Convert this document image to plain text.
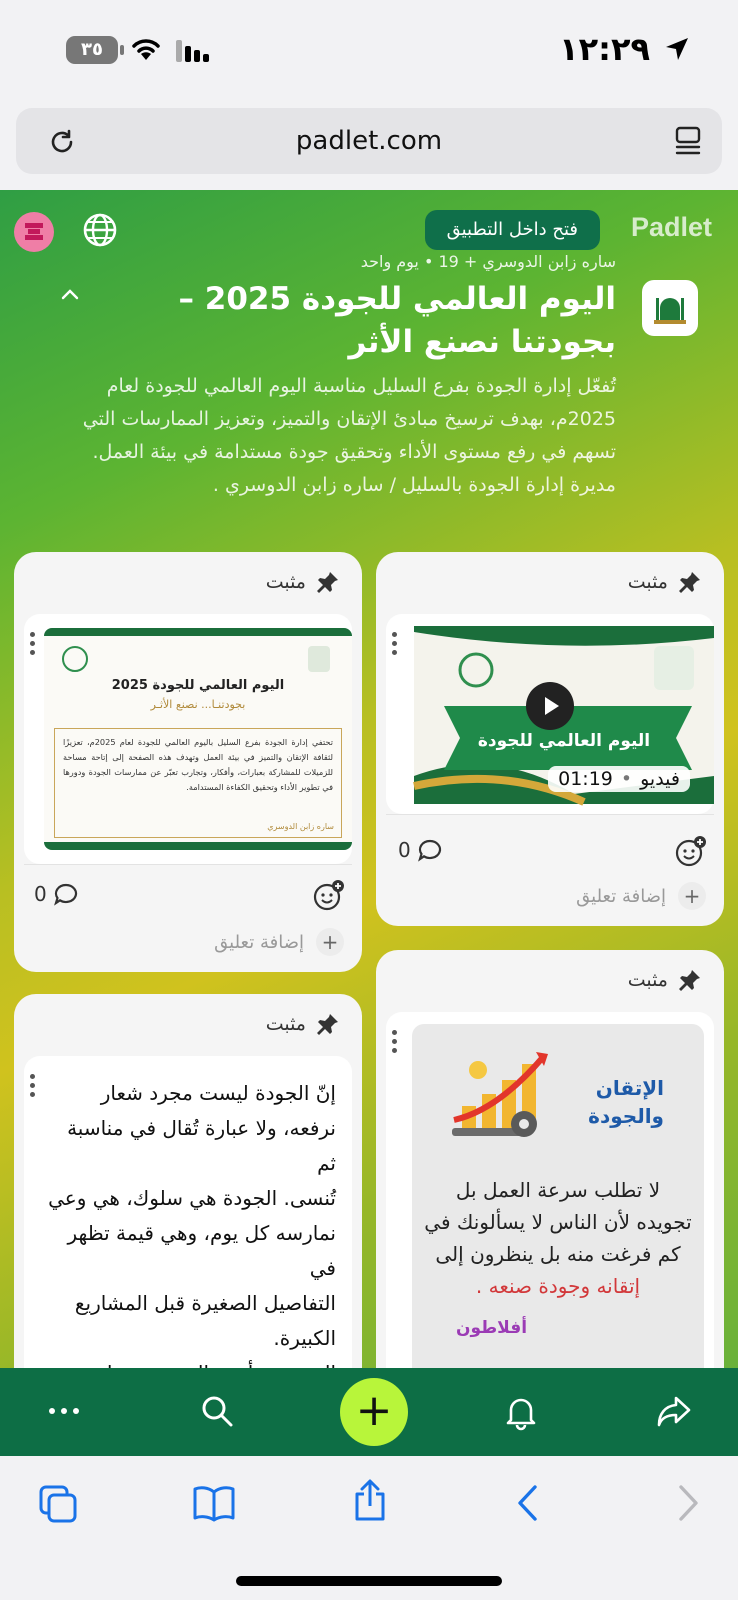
٣٥	١٢:٢٩
padlet.com
فتح داخل التطبيق	Padlet
ساره زابن الدوسري + 19 • يوم واحد
اليوم العالمي للجودة 2025 – بجودتنا نصنع الأثر
تُفعّل إدارة الجودة بفرع السليل مناسبة اليوم العالمي للجودة لعام 2025م، بهدف ترسيخ مبادئ الإتقان والتميز، وتعزيز الممارسات التي تسهم في رفع مستوى الأداء وتحقيق جودة مستدامة في بيئة العمل. مديرة إدارة الجودة بالسليل / ساره زابن الدوسري .
مثبت
اليوم العالمي للجودة
فيديو
•
01:19
0
+
إضافة تعليق
مثبت
اليوم العالمي للجودة 2025
بجودتنـا... نصنع الأثـر
تحتفي إدارة الجودة بفرع السليل باليوم العالمي للجودة لعام 2025م، تعزيزًا لثقافة الإتقان والتميز في بيئة العمل وتهدف هذه الصفحة إلى إتاحة مساحة للزميلات للمشاركة بعبارات، وأفكار، وتجارب تعبّر عن ممارسات الجودة ودورها في تطوير الأداء وتحقيق الكفاءة المستدامة.
ساره زابن الدوسري
0
+
إضافة تعليق
مثبت
الإتقان
والجودة
لا تطلب سرعة العمل بل
تجويده لأن الناس لا يسألونك في
كم فرغت منه بل ينظرون إلى
إتقانه وجودة صنعه .
أفلاطون
مثبت
إنّ الجودة ليست مجرد شعار
نرفعه، ولا عبارة تُقال في مناسبة ثم
تُنسى. الجودة هي سلوك، هي وعي
نمارسه كل يوم، وهي قيمة تظهر في
التفاصيل الصغيرة قبل المشاريع
الكبيرة.
+
